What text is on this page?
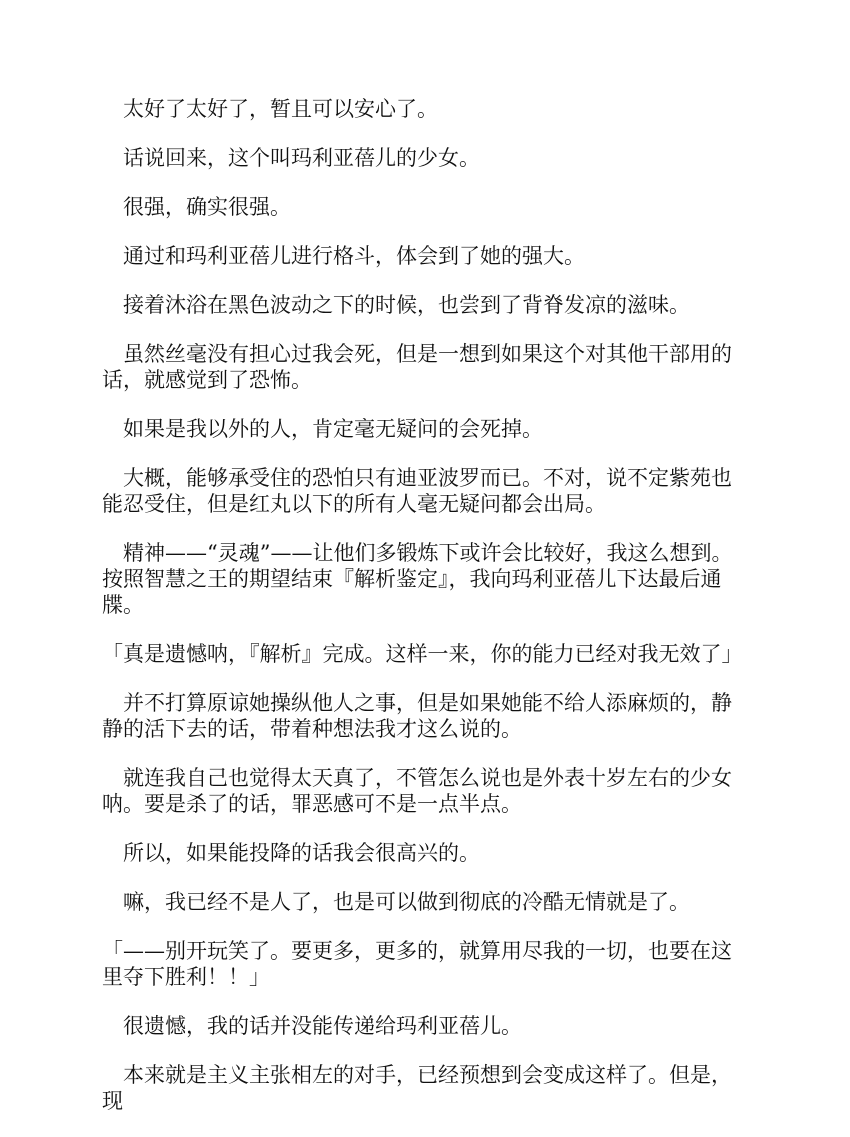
太好了太好了，暂且可以安心了。

话说回来，这个叫玛利亚蓓儿的少女。

很强，确实很强。

通过和玛利亚蓓儿进行格斗，体会到了她的强大。

接着沐浴在黑色波动之下的时候，也尝到了背脊发凉的滋味。

虽然丝毫没有担心过我会死，但是一想到如果这个对其他干部用的话，就感觉到了恐怖。

如果是我以外的人，肯定毫无疑问的会死掉。

大概，能够承受住的恐怕只有迪亚波罗而已。不对，说不定紫苑也能忍受住，但是红丸以下的所有人毫无疑问都会出局。

精神——“灵魂”——让他们多锻炼下或许会比较好，我这么想到。按照智慧之王的期望结束『解析鉴定』，我向玛利亚蓓儿下达最后通牒。

「真是遗憾呐，『解析』完成。这样一来，你的能力已经对我无效了」

并不打算原谅她操纵他人之事，但是如果她能不给人添麻烦的，静静的活下去的话，带着种想法我才这么说的。

就连我自己也觉得太天真了，不管怎么说也是外表十岁左右的少女呐。要是杀了的话，罪恶感可不是一点半点。

所以，如果能投降的话我会很高兴的。

嘛，我已经不是人了，也是可以做到彻底的冷酷无情就是了。

「——别开玩笑了。要更多，更多的，就算用尽我的一切，也要在这里夺下胜利！！」

很遗憾，我的话并没能传递给玛利亚蓓儿。

本来就是主义主张相左的对手，已经预想到会变成这样了。但是，现
